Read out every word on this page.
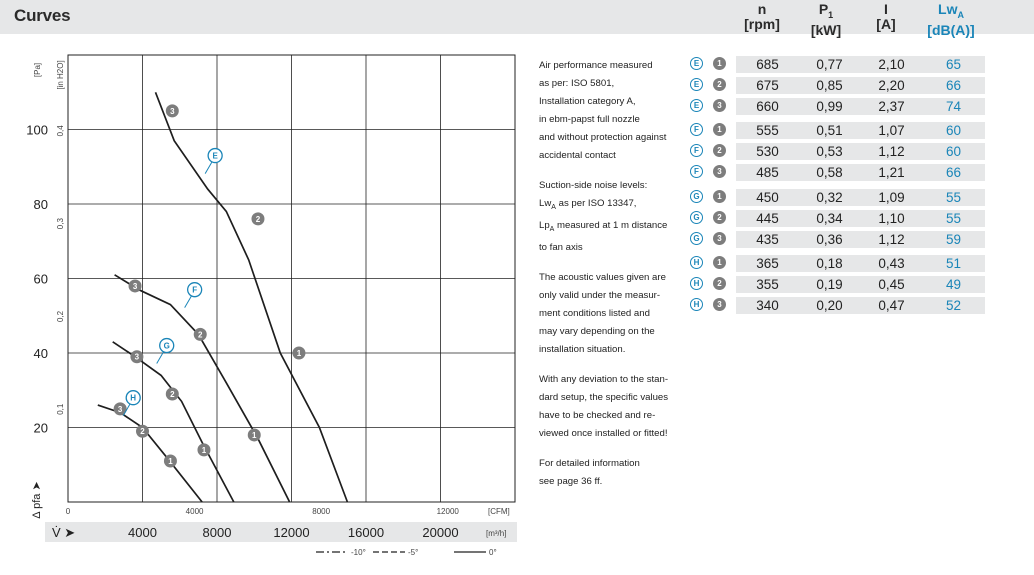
Curves	n
[rpm]
$P_1$
[kW]
I
[A]
$Lw_A$
[dB(A)]
20
40
60
80
100
0,1
0,2
0,3
0,4
[Pa] [in H2O]
Δ pfa ➤	0	4000	8000	12000	[CFM]
4000	8000	12000	16000	20000
V̇ ➤	[m³/h]
-10°	-5°	0°
3
2
1
E
3
2
1
F
3
2
1
G
3
2
1
H
Air performance measured
as per: ISO 5801,
Installation category A,
in ebm-papst full nozzle
and without protection against
accidental contact
Suction-side noise levels:
$Lw_A$ as per ISO 13347,
$Lp_A$ measured at 1 m distance
to fan axis
The acoustic values given are
only valid under the measur-
ment conditions listed and
may vary depending on the
installation situation.
With any deviation to the stan-
dard setup, the specific values
have to be checked and re-
viewed once installed or fitted!
For detailed information
see page 36 ff.
E	1	685	0,77	2,10	65
E	2	675	0,85	2,20	66
E	3	660	0,99	2,37	74
F	1	555	0,51	1,07	60
F	2	530	0,53	1,12	60
F	3	485	0,58	1,21	66
G	1	450	0,32	1,09	55
G	2	445	0,34	1,10	55
G	3	435	0,36	1,12	59
H	1	365	0,18	0,43	51
H	2	355	0,19	0,45	49
H	3	340	0,20	0,47	52
